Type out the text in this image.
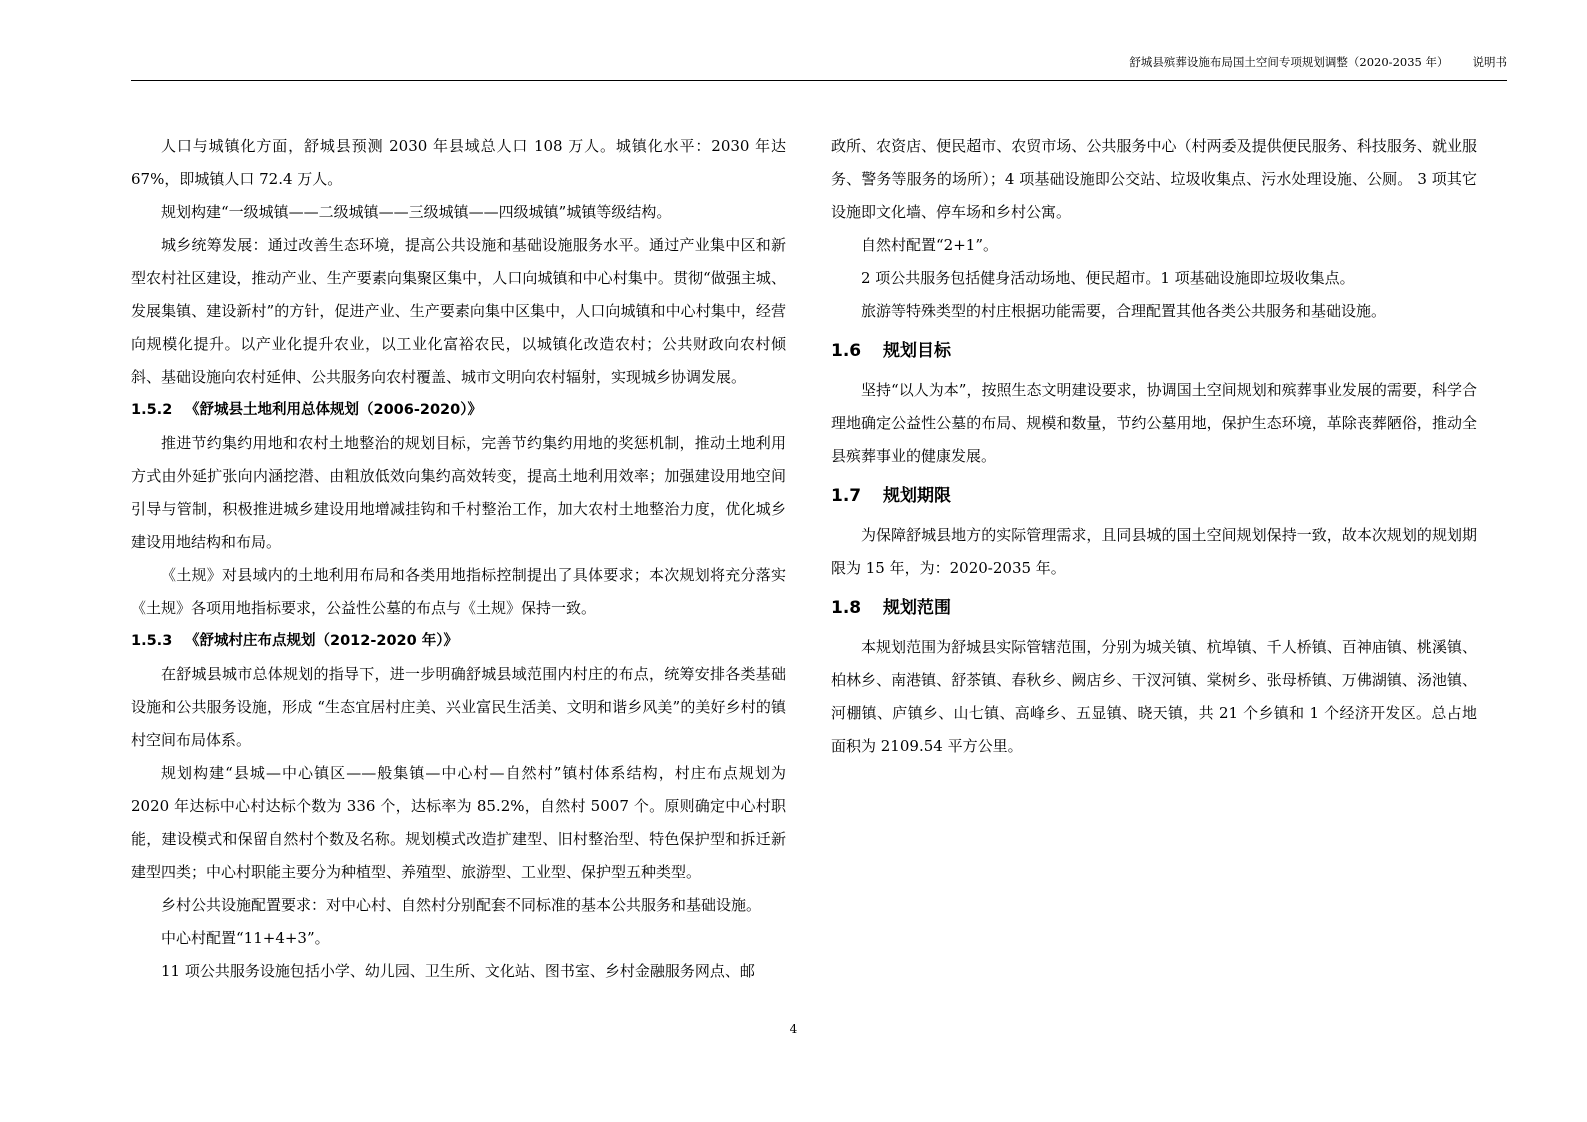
舒城县殡葬设施布局国土空间专项规划调整（2020-2035 年） 说明书

人口与城镇化方面，舒城县预测 2030 年县域总人口 108 万人。城镇化水平：2030 年达 67%，即城镇人口 72.4 万人。

规划构建“一级城镇——二级城镇——三级城镇——四级城镇”城镇等级结构。

城乡统筹发展：通过改善生态环境，提高公共设施和基础设施服务水平。通过产业集中区和新型农村社区建设，推动产业、生产要素向集聚区集中，人口向城镇和中心村集中。贯彻“做强主城、发展集镇、建设新村”的方针，促进产业、生产要素向集中区集中，人口向城镇和中心村集中，经营向规模化提升。以产业化提升农业，以工业化富裕农民，以城镇化改造农村；公共财政向农村倾斜、基础设施向农村延伸、公共服务向农村覆盖、城市文明向农村辐射，实现城乡协调发展。

1.5.2 《舒城县土地利用总体规划（2006-2020）》

推进节约集约用地和农村土地整治的规划目标，完善节约集约用地的奖惩机制，推动土地利用方式由外延扩张向内涵挖潜、由粗放低效向集约高效转变，提高土地利用效率；加强建设用地空间引导与管制，积极推进城乡建设用地增减挂钩和千村整治工作，加大农村土地整治力度，优化城乡建设用地结构和布局。

《土规》对县域内的土地利用布局和各类用地指标控制提出了具体要求；本次规划将充分落实《土规》各项用地指标要求，公益性公墓的布点与《土规》保持一致。

1.5.3 《舒城村庄布点规划（2012-2020 年）》

在舒城县城市总体规划的指导下，进一步明确舒城县域范围内村庄的布点，统筹安排各类基础设施和公共服务设施，形成 “生态宜居村庄美、兴业富民生活美、文明和谐乡风美”的美好乡村的镇村空间布局体系。

规划构建“县城—中心镇区——般集镇—中心村—自然村”镇村体系结构，村庄布点规划为 2020 年达标中心村达标个数为 336 个，达标率为 85.2%，自然村 5007 个。原则确定中心村职能，建设模式和保留自然村个数及名称。规划模式改造扩建型、旧村整治型、特色保护型和拆迁新建型四类；中心村职能主要分为种植型、养殖型、旅游型、工业型、保护型五种类型。

乡村公共设施配置要求：对中心村、自然村分别配套不同标准的基本公共服务和基础设施。

中心村配置“11+4+3”。

11 项公共服务设施包括小学、幼儿园、卫生所、文化站、图书室、乡村金融服务网点、邮

政所、农资店、便民超市、农贸市场、公共服务中心（村两委及提供便民服务、科技服务、就业服务、警务等服务的场所）；4 项基础设施即公交站、垃圾收集点、污水处理设施、公厕。 3 项其它设施即文化墙、停车场和乡村公寓。

自然村配置“2+1”。

2 项公共服务包括健身活动场地、便民超市。1 项基础设施即垃圾收集点。

旅游等特殊类型的村庄根据功能需要，合理配置其他各类公共服务和基础设施。

1.6 规划目标

坚持“以人为本”，按照生态文明建设要求，协调国土空间规划和殡葬事业发展的需要，科学合理地确定公益性公墓的布局、规模和数量，节约公墓用地，保护生态环境，革除丧葬陋俗，推动全县殡葬事业的健康发展。

1.7 规划期限

为保障舒城县地方的实际管理需求，且同县城的国土空间规划保持一致，故本次规划的规划期限为 15 年，为：2020-2035 年。

1.8 规划范围

本规划范围为舒城县实际管辖范围，分别为城关镇、杭埠镇、千人桥镇、百神庙镇、桃溪镇、柏林乡、南港镇、舒茶镇、春秋乡、阙店乡、干汊河镇、棠树乡、张母桥镇、万佛湖镇、汤池镇、河棚镇、庐镇乡、山七镇、高峰乡、五显镇、晓天镇，共 21 个乡镇和 1 个经济开发区。总占地面积为 2109.54 平方公里。

4
